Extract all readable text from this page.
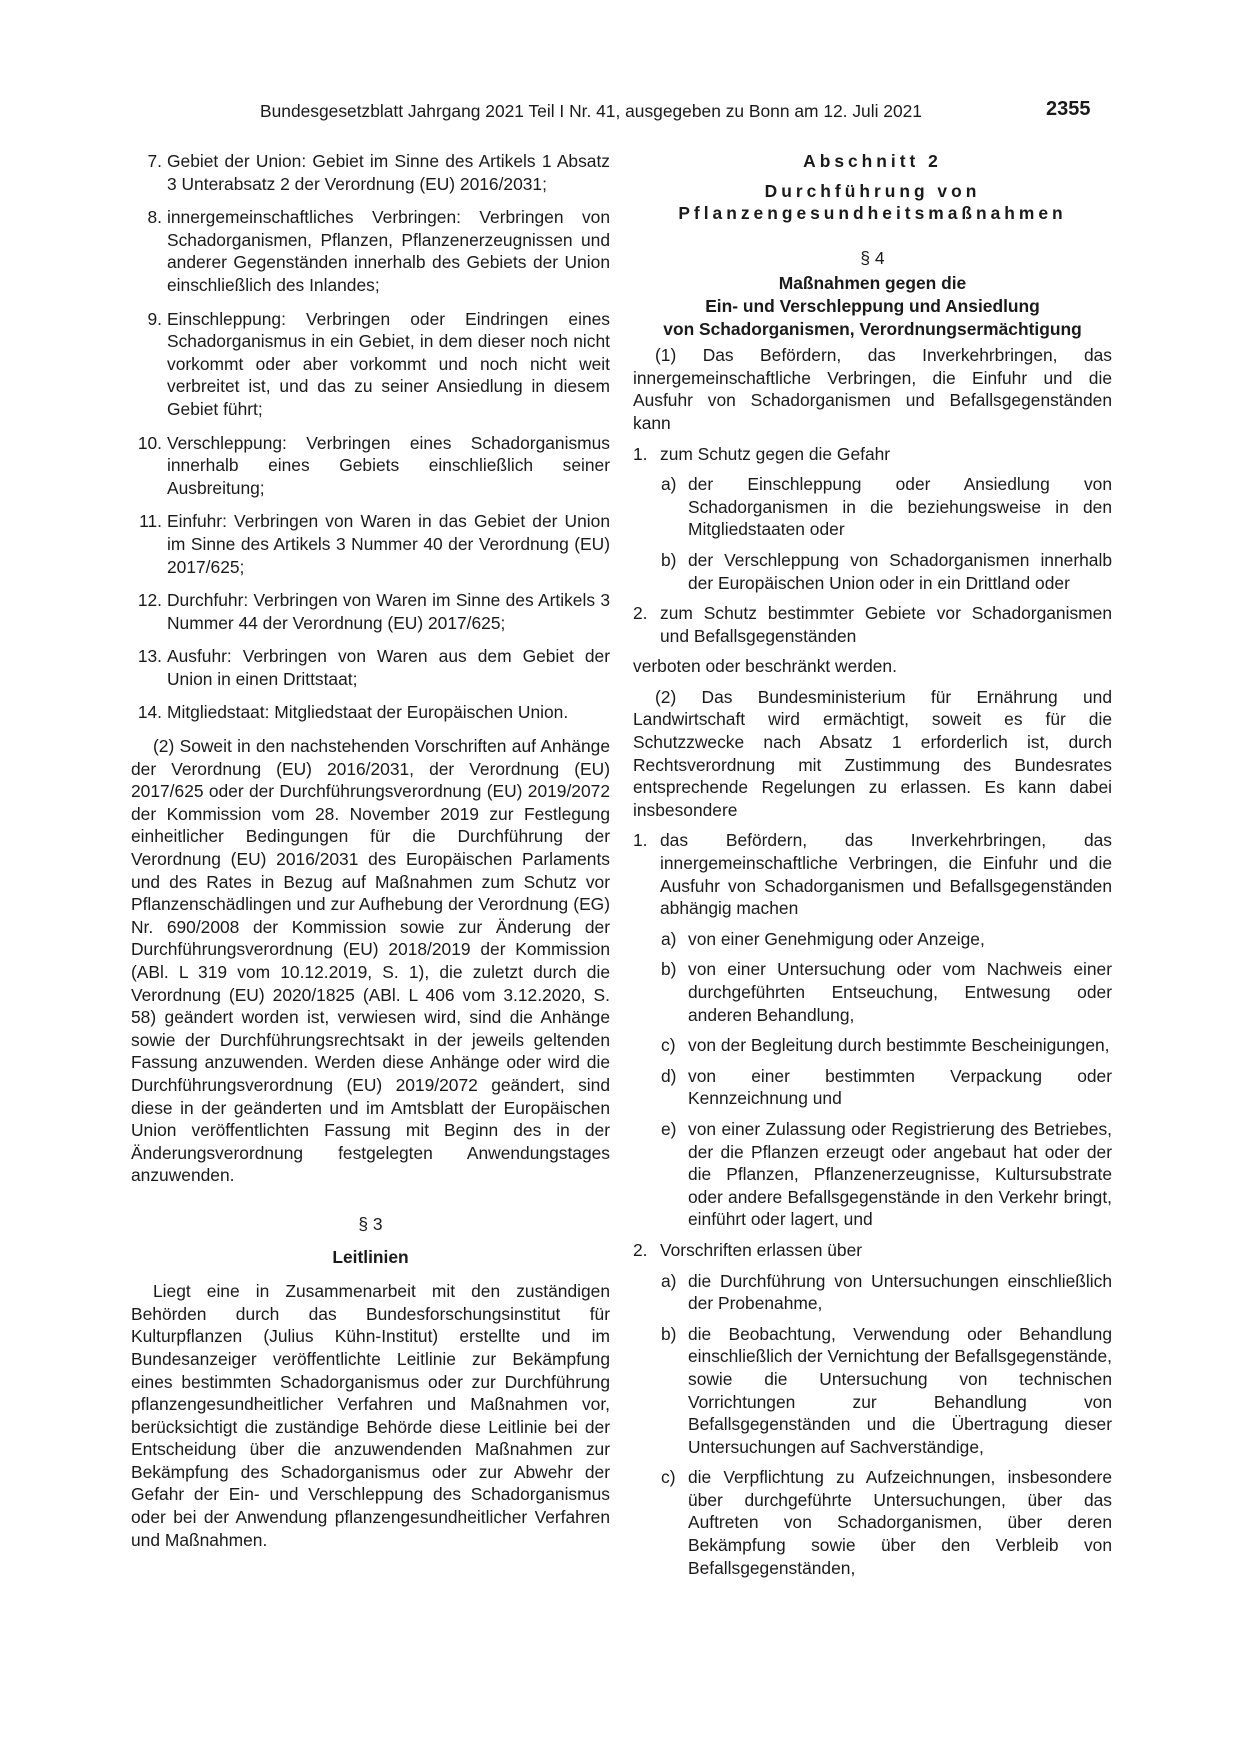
Bundesgesetzblatt Jahrgang 2021 Teil I Nr. 41, ausgegeben zu Bonn am 12. Juli 2021	2355
7. Gebiet der Union: Gebiet im Sinne des Artikels 1 Absatz 3 Unterabsatz 2 der Verordnung (EU) 2016/2031;
8. innergemeinschaftliches Verbringen: Verbringen von Schadorganismen, Pflanzen, Pflanzenerzeugnissen und anderer Gegenständen innerhalb des Gebiets der Union einschließlich des Inlandes;
9. Einschleppung: Verbringen oder Eindringen eines Schadorganismus in ein Gebiet, in dem dieser noch nicht vorkommt oder aber vorkommt und noch nicht weit verbreitet ist, und das zu seiner Ansiedlung in diesem Gebiet führt;
10. Verschleppung: Verbringen eines Schadorganismus innerhalb eines Gebiets einschließlich seiner Ausbreitung;
11. Einfuhr: Verbringen von Waren in das Gebiet der Union im Sinne des Artikels 3 Nummer 40 der Verordnung (EU) 2017/625;
12. Durchfuhr: Verbringen von Waren im Sinne des Artikels 3 Nummer 44 der Verordnung (EU) 2017/625;
13. Ausfuhr: Verbringen von Waren aus dem Gebiet der Union in einen Drittstaat;
14. Mitgliedstaat: Mitgliedstaat der Europäischen Union.

(2) Soweit in den nachstehenden Vorschriften auf Anhänge der Verordnung (EU) 2016/2031, der Verordnung (EU) 2017/625 oder der Durchführungsverordnung (EU) 2019/2072 der Kommission vom 28. November 2019 zur Festlegung einheitlicher Bedingungen für die Durchführung der Verordnung (EU) 2016/2031 des Europäischen Parlaments und des Rates in Bezug auf Maßnahmen zum Schutz vor Pflanzenschädlingen und zur Aufhebung der Verordnung (EG) Nr. 690/2008 der Kommission sowie zur Änderung der Durchführungsverordnung (EU) 2018/2019 der Kommission (ABl. L 319 vom 10.12.2019, S. 1), die zuletzt durch die Verordnung (EU) 2020/1825 (ABl. L 406 vom 3.12.2020, S. 58) geändert worden ist, verwiesen wird, sind die Anhänge sowie der Durchführungsrechtsakt in der jeweils geltenden Fassung anzuwenden. Werden diese Anhänge oder wird die Durchführungsverordnung (EU) 2019/2072 geändert, sind diese in der geänderten und im Amtsblatt der Europäischen Union veröffentlichten Fassung mit Beginn des in der Änderungsverordnung festgelegten Anwendungstages anzuwenden.

§ 3
Leitlinien

Liegt eine in Zusammenarbeit mit den zuständigen Behörden durch das Bundesforschungsinstitut für Kulturpflanzen (Julius Kühn-Institut) erstellte und im Bundesanzeiger veröffentlichte Leitlinie zur Bekämpfung eines bestimmten Schadorganismus oder zur Durchführung pflanzengesundheitlicher Verfahren und Maßnahmen vor, berücksichtigt die zuständige Behörde diese Leitlinie bei der Entscheidung über die anzuwendenden Maßnahmen zur Bekämpfung des Schadorganismus oder zur Abwehr der Gefahr der Ein- und Verschleppung des Schadorganismus oder bei der Anwendung pflanzengesundheitlicher Verfahren und Maßnahmen.

Abschnitt 2
Durchführung von
Pflanzengesundheitsmaßnahmen
§ 4
Maßnahmen gegen die
Ein- und Verschleppung und Ansiedlung
von Schadorganismen, Verordnungsermächtigung

(1) Das Befördern, das Inverkehrbringen, das innergemeinschaftliche Verbringen, die Einfuhr und die Ausfuhr von Schadorganismen und Befallsgegenständen kann

1. zum Schutz gegen die Gefahr
a) der Einschleppung oder Ansiedlung von Schadorganismen in die beziehungsweise in den Mitgliedstaaten oder
b) der Verschleppung von Schadorganismen innerhalb der Europäischen Union oder in ein Drittland oder
2. zum Schutz bestimmter Gebiete vor Schadorganismen und Befallsgegenständen

verboten oder beschränkt werden.

(2) Das Bundesministerium für Ernährung und Landwirtschaft wird ermächtigt, soweit es für die Schutzzwecke nach Absatz 1 erforderlich ist, durch Rechtsverordnung mit Zustimmung des Bundesrates entsprechende Regelungen zu erlassen. Es kann dabei insbesondere

1. das Befördern, das Inverkehrbringen, das innergemeinschaftliche Verbringen, die Einfuhr und die Ausfuhr von Schadorganismen und Befallsgegenständen abhängig machen
a) von einer Genehmigung oder Anzeige,
b) von einer Untersuchung oder vom Nachweis einer durchgeführten Entseuchung, Entwesung oder anderen Behandlung,
c) von der Begleitung durch bestimmte Bescheinigungen,
d) von einer bestimmten Verpackung oder Kennzeichnung und
e) von einer Zulassung oder Registrierung des Betriebes, der die Pflanzen erzeugt oder angebaut hat oder der die Pflanzen, Pflanzenerzeugnisse, Kultursubstrate oder andere Befallsgegenstände in den Verkehr bringt, einführt oder lagert, und
2. Vorschriften erlassen über
a) die Durchführung von Untersuchungen einschließlich der Probenahme,
b) die Beobachtung, Verwendung oder Behandlung einschließlich der Vernichtung der Befallsgegenstände, sowie die Untersuchung von technischen Vorrichtungen zur Behandlung von Befallsgegenständen und die Übertragung dieser Untersuchungen auf Sachverständige,
c) die Verpflichtung zu Aufzeichnungen, insbesondere über durchgeführte Untersuchungen, über das Auftreten von Schadorganismen, über deren Bekämpfung sowie über den Verbleib von Befallsgegenständen,
